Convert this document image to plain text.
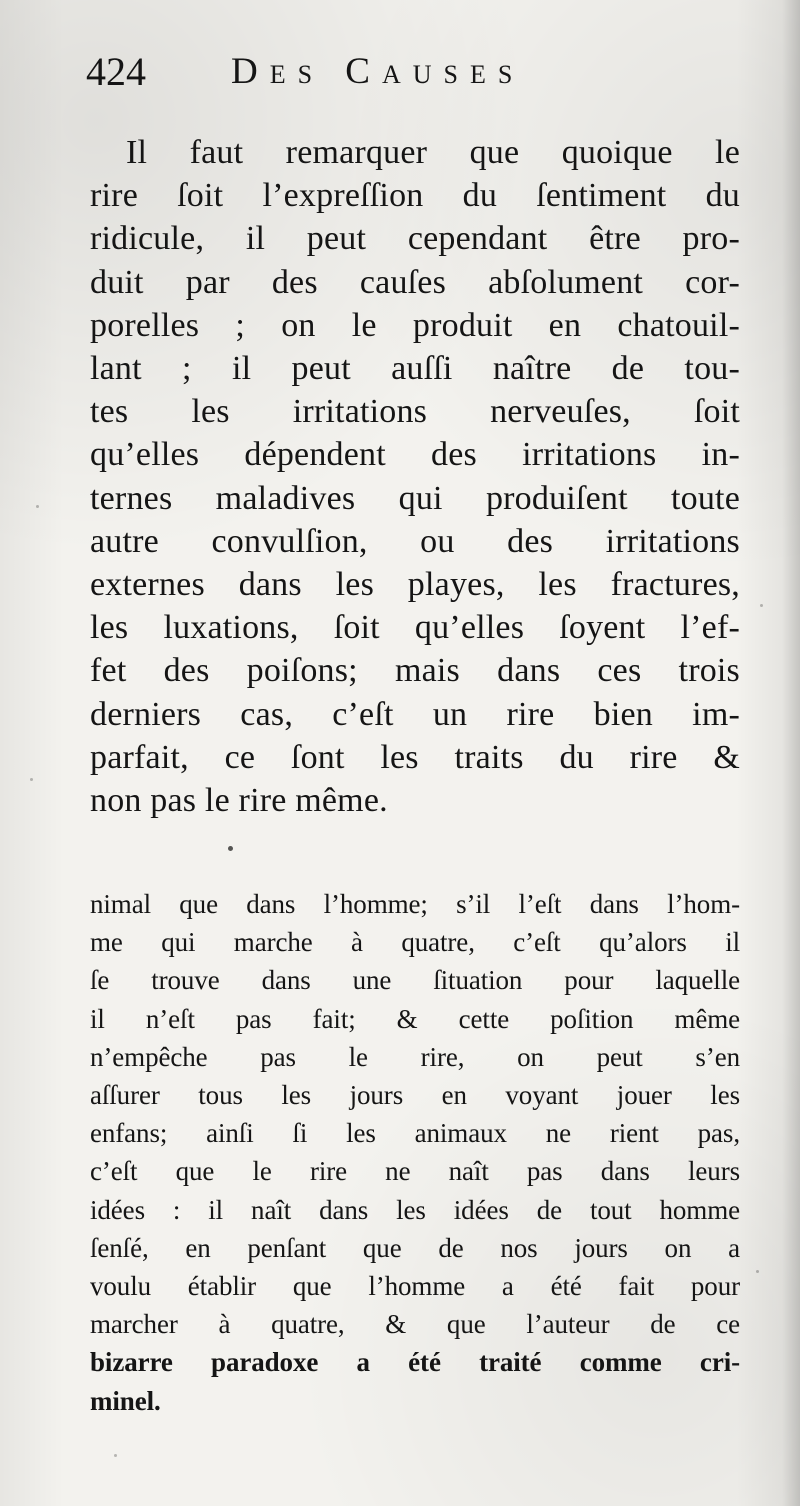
424 Des Causes
Il faut remarquer que quoique le
rire ſoit l’expreſſion du ſentiment du
ridicule, il peut cependant être pro-
duit par des cauſes abſolument cor-
porelles ; on le produit en chatouil-
lant ; il peut auſſi naître de tou-
tes les irritations nerveuſes, ſoit
qu’elles dépendent des irritations in-
ternes maladives qui produiſent toute
autre convulſion, ou des irritations
externes dans les playes, les fractures,
les luxations, ſoit qu’elles ſoyent l’ef-
fet des poiſons; mais dans ces trois
derniers cas, c’eſt un rire bien im-
parfait, ce ſont les traits du rire &
non pas le rire même.
nimal que dans l’homme; s’il l’eſt dans l’hom-
me qui marche à quatre, c’eſt qu’alors il
ſe trouve dans une ſituation pour laquelle
il n’eſt pas fait; & cette poſition même
n’empêche pas le rire, on peut s’en
aſſurer tous les jours en voyant jouer les
enfans; ainſi ſi les animaux ne rient pas,
c’eſt que le rire ne naît pas dans leurs
idées : il naît dans les idées de tout homme
ſenſé, en penſant que de nos jours on a
voulu établir que l’homme a été fait pour
marcher à quatre, & que l’auteur de ce
bizarre paradoxe a été traité comme cri-
minel.
